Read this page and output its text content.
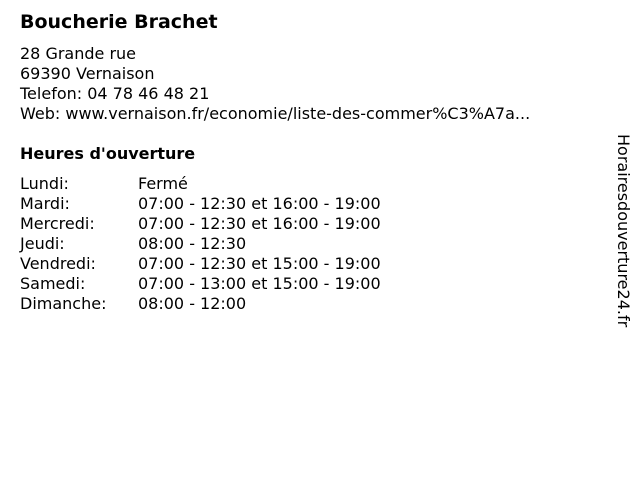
Boucherie Brachet
28 Grande rue
69390 Vernaison
Telefon: 04 78 46 48 21
Web: www.vernaison.fr/economie/liste-des-commer%C3%A7a...
Heures d'ouverture
Lundi:	Fermé
Mardi:	07:00 - 12:30 et 16:00 - 19:00
Mercredi:	07:00 - 12:30 et 16:00 - 19:00
Jeudi:	08:00 - 12:30
Vendredi:	07:00 - 12:30 et 15:00 - 19:00
Samedi:	07:00 - 13:00 et 15:00 - 19:00
Dimanche: 08:00 - 12:00	Horairesdouverture24.fr
